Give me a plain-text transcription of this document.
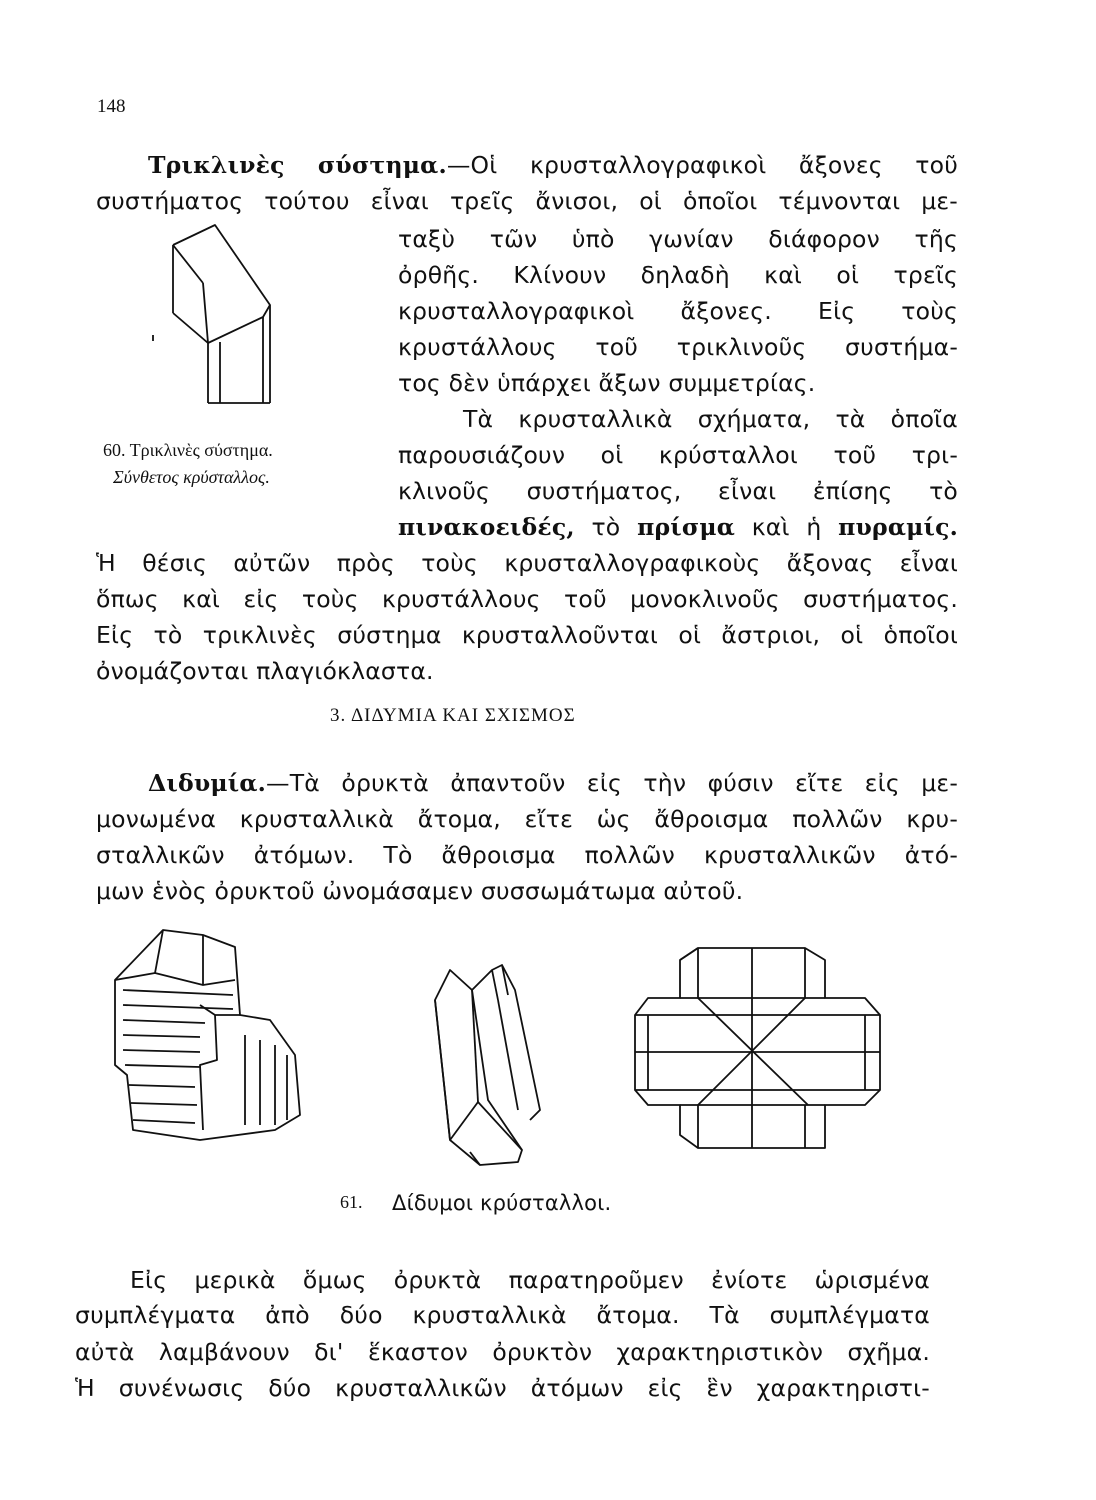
148
Τρικλινὲς σύστημα.—Οἱ κρυσταλλογραφικοὶ ἄξονες τοῦ
συστήματος τούτου εἶναι τρεῖς ἄνισοι, οἱ ὁποῖοι τέμνονται με-
ταξὺ τῶν ὑπὸ γωνίαν διάφορον τῆς
ὀρθῆς. Κλίνουν δηλαδὴ καὶ οἱ τρεῖς
κρυσταλλογραφικοὶ ἄξονες. Εἰς τοὺς
κρυστάλλους τοῦ τρικλινοῦς συστήμα-
τος δὲν ὑπάρχει ἄξων συμμετρίας.
Τὰ κρυσταλλικὰ σχήματα, τὰ ὁποῖα
παρουσιάζουν οἱ κρύσταλλοι τοῦ τρι-
κλινοῦς συστήματος, εἶναι ἐπίσης τὸ
πινακοειδές, τὸ πρίσμα καὶ ἡ πυραμίς.
Ἡ θέσις αὐτῶν πρὸς τοὺς κρυσταλλογραφικοὺς ἄξονας εἶναι
ὅπως καὶ εἰς τοὺς κρυστάλλους τοῦ μονοκλινοῦς συστήματος.
Εἰς τὸ τρικλινὲς σύστημα κρυσταλλοῦνται οἱ ἄστριοι, οἱ ὁποῖοι
ὀνομάζονται πλαγιόκλαστα.
60. Τρικλινὲς σύστημα.
Σύνθετος κρύσταλλος.
3. ΔΙΔΥΜΙΑ ΚΑΙ ΣΧΙΣΜΟΣ
Διδυμία.—Τὰ ὀρυκτὰ ἀπαντοῦν εἰς τὴν φύσιν εἴτε εἰς με-
μονωμένα κρυσταλλικὰ ἄτομα, εἴτε ὡς ἄθροισμα πολλῶν κρυ-
σταλλικῶν ἀτόμων. Τὸ ἄθροισμα πολλῶν κρυσταλλικῶν ἀτό-
μων ἑνὸς ὀρυκτοῦ ὠνομάσαμεν συσσωμάτωμα αὐτοῦ.
61. Δίδυμοι κρύσταλλοι.
Εἰς μερικὰ ὅμως ὀρυκτὰ παρατηροῦμεν ἐνίοτε ὡρισμένα
συμπλέγματα ἀπὸ δύο κρυσταλλικὰ ἄτομα. Τὰ συμπλέγματα
αὐτὰ λαμβάνουν δι' ἕκαστον ὀρυκτὸν χαρακτηριστικὸν σχῆμα.
Ἡ συνένωσις δύο κρυσταλλικῶν ἀτόμων εἰς ἓν χαρακτηριστι-
